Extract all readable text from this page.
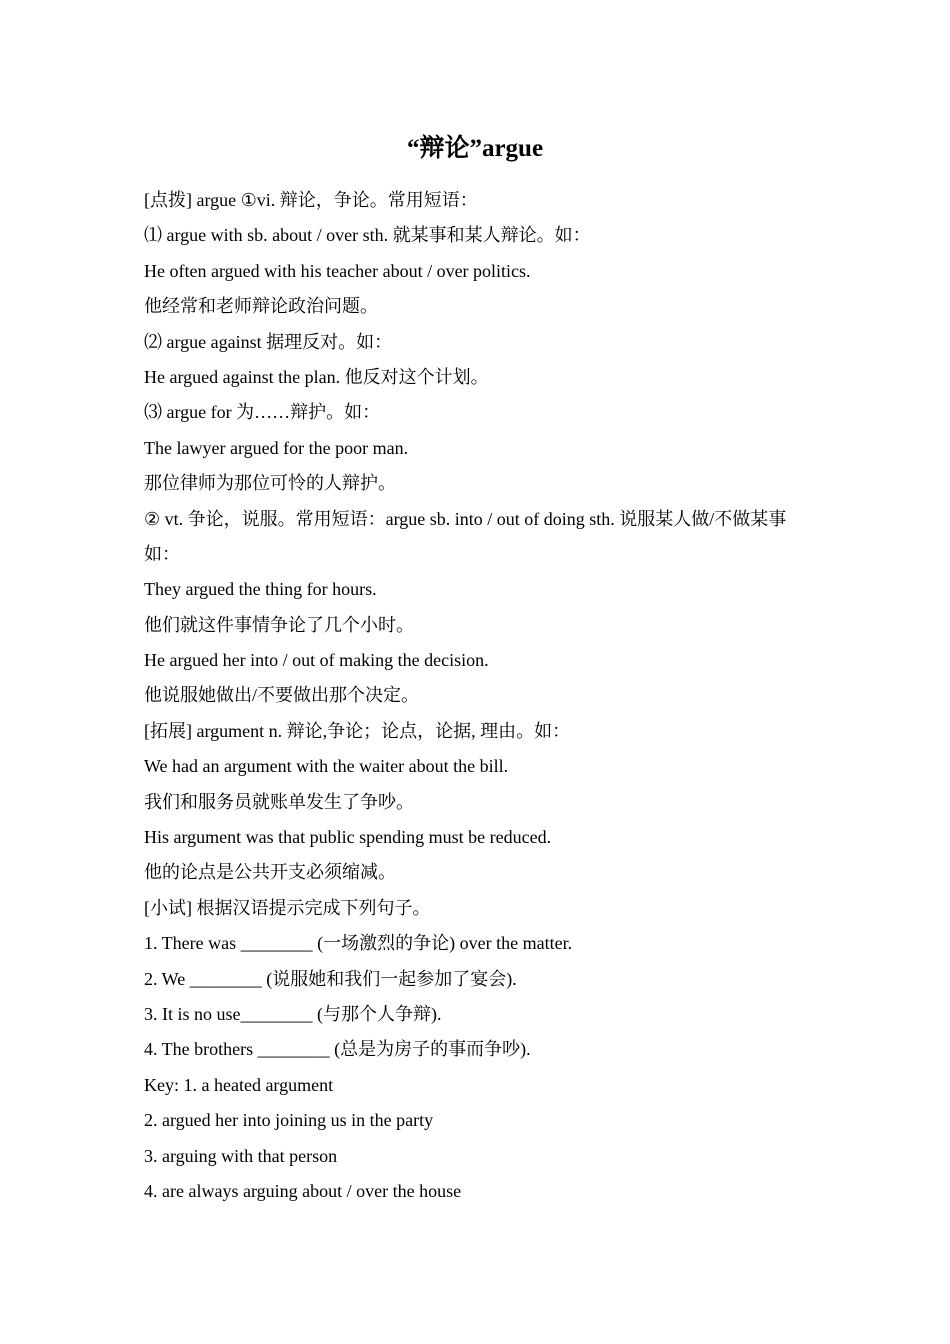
“辩论”argue
[点拨] argue ①vi. 辩论，争论。常用短语：
⑴ argue with sb. about / over sth. 就某事和某人辩论。如：
He often argued with his teacher about / over politics.
他经常和老师辩论政治问题。
⑵ argue against 据理反对。如：
He argued against the plan. 他反对这个计划。
⑶ argue for 为……辩护。如：
The lawyer argued for the poor man.
那位律师为那位可怜的人辩护。
② vt. 争论，说服。常用短语：argue sb. into / out of doing sth. 说服某人做/不做某事
如：
They argued the thing for hours.
他们就这件事情争论了几个小时。
He argued her into / out of making the decision.
他说服她做出/不要做出那个决定。
[拓展] argument n. 辩论,争论；论点，论据, 理由。如：
We had an argument with the waiter about the bill.
我们和服务员就账单发生了争吵。
His argument was that public spending must be reduced.
他的论点是公共开支必须缩减。
[小试] 根据汉语提示完成下列句子。
1. There was ________ (一场激烈的争论) over the matter.
2. We ________ (说服她和我们一起参加了宴会).
3. It is no use________ (与那个人争辩).
4. The brothers ________ (总是为房子的事而争吵).
Key: 1. a heated argument
2. argued her into joining us in the party
3. arguing with that person
4. are always arguing about / over the house
